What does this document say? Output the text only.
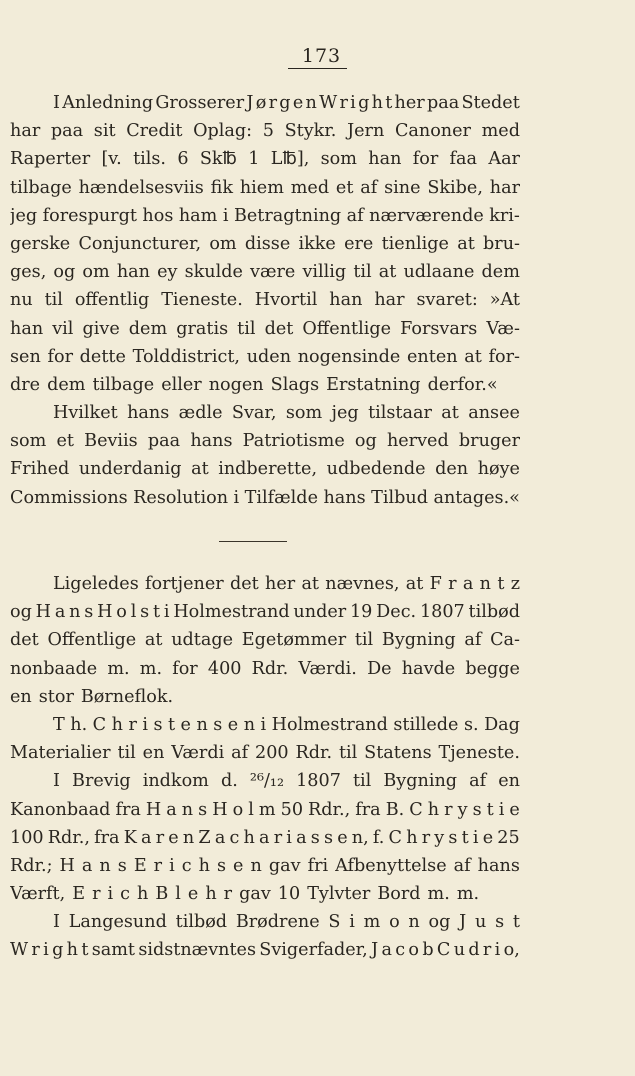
173
I Anledning Grosserer J ø r g e n W r i g h t her paa Stedet
har paa sit Credit Oplag: 5 Stykr. Jern Canoner med
Raperter [v. tils. 6 Sk℔ 1 L℔], som han for faa Aar
tilbage hændelsesviis fik hiem med et af sine Skibe, har
jeg forespurgt hos ham i Betragtning af nærværende kri-
gerske Conjuncturer, om disse ikke ere tienlige at bru-
ges, og om han ey skulde være villig til at udlaane dem
nu til offentlig Tieneste. Hvortil han har svaret: »At
han vil give dem gratis til det Offentlige Forsvars Væ-
sen for dette Tolddistrict, uden nogensinde enten at for-
dre dem tilbage eller nogen Slags Erstatning derfor.«
Hvilket hans ædle Svar, som jeg tilstaar at ansee
som et Beviis paa hans Patriotisme og herved bruger
Frihed underdanig at indberette, udbedende den høye
Commissions Resolution i Tilfælde hans Tilbud antages.«
Ligeledes fortjener det her at nævnes, at F r a n t z
og H a n s H o l s t i Holmestrand under 19 Dec. 1807 tilbød
det Offentlige at udtage Egetømmer til Bygning af Ca-
nonbaade m. m. for 400 Rdr. Værdi. De havde begge
en stor Børneflok.
T h. C h r i s t e n s e n i Holmestrand stillede s. Dag
Materialier til en Værdi af 200 Rdr. til Statens Tjeneste.
I Brevig indkom d. ²⁶/₁₂ 1807 til Bygning af en
Kanonbaad fra H a n s H o l m 50 Rdr., fra B. C h r y s t i e
100 Rdr., fra K a r e n Z a c h a r i a s s e n, f. C h r y s t i e 25
Rdr.; H a n s E r i c h s e n gav fri Afbenyttelse af hans
Værft, E r i c h B l e h r gav 10 Tylvter Bord m. m.
I Langesund tilbød Brødrene S i m o n og J u s t
W r i g h t samt sidstnævntes Svigerfader, J a c o b C u d r i o,
